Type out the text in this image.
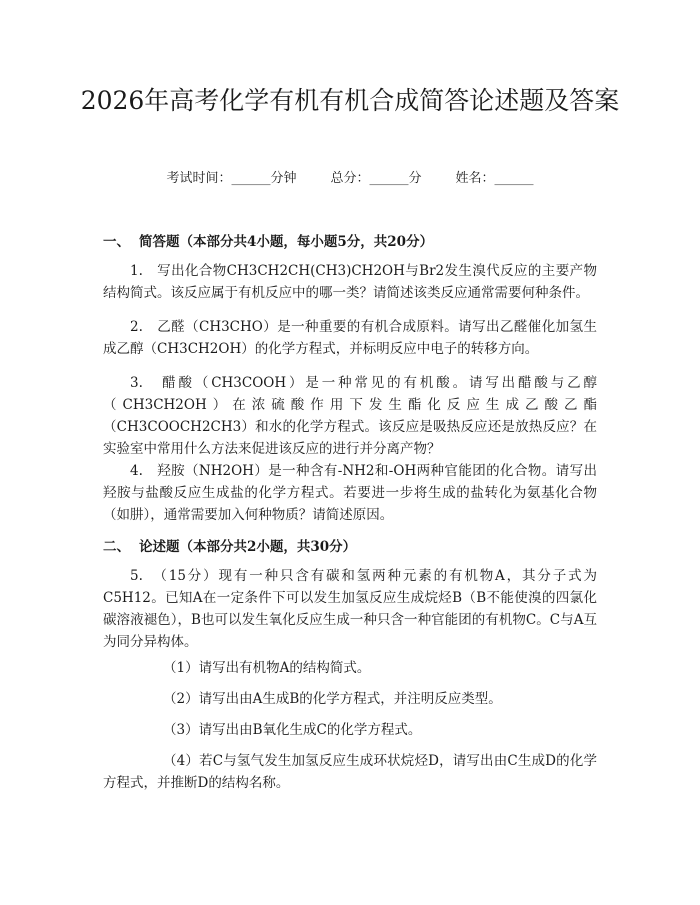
2026年高考化学有机有机合成简答论述题及答案
考试时间：______分钟	总分：______分	姓名：______
一、 简答题（本部分共4小题，每小题5分，共20分）

1.　写出化合物CH3CH2CH(CH3)CH2OH与Br2发生溴代反应的主要产物结构简式。该反应属于有机反应中的哪一类？请简述该类反应通常需要何种条件。

2.　乙醛（CH3CHO）是一种重要的有机合成原料。请写出乙醛催化加氢生成乙醇（CH3CH2OH）的化学方程式，并标明反应中电子的转移方向。

3.　醋酸（CH3COOH）是一种常见的有机酸。请写出醋酸与乙醇（CH3CH2OH）在浓硫酸作用下发生酯化反应生成乙酸乙酯（CH3COOCH2CH3）和水的化学方程式。该反应是吸热反应还是放热反应？在实验室中常用什么方法来促进该反应的进行并分离产物？

4.　羟胺（NH2OH）是一种含有-NH2和-OH两种官能团的化合物。请写出羟胺与盐酸反应生成盐的化学方程式。若要进一步将生成的盐转化为氨基化合物（如肼），通常需要加入何种物质？请简述原因。

二、 论述题（本部分共2小题，共30分）

5.　（15分）现有一种只含有碳和氢两种元素的有机物A，其分子式为C5H12。已知A在一定条件下可以发生加氢反应生成烷烃B（B不能使溴的四氯化碳溶液褪色），B也可以发生氧化反应生成一种只含一种官能团的有机物C。C与A互为同分异构体。

（1）请写出有机物A的结构简式。

（2）请写出由A生成B的化学方程式，并注明反应类型。

（3）请写出由B氧化生成C的化学方程式。

（4）若C与氢气发生加氢反应生成环状烷烃D，请写出由C生成D的化学方程式，并推断D的结构名称。
